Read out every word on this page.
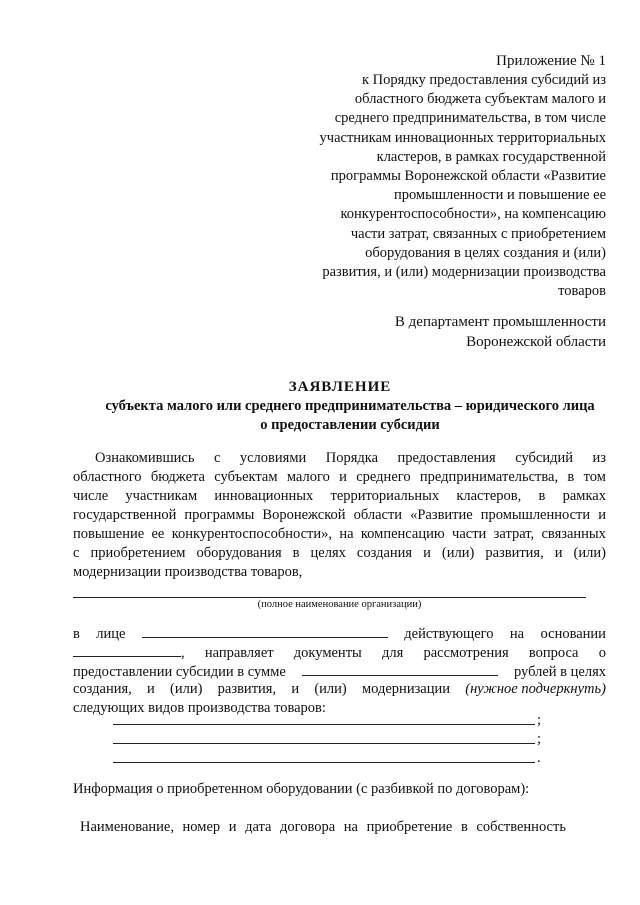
Приложение № 1
к Порядку предоставления субсидий из
областного бюджета субъектам малого и
среднего предпринимательства, в том числе
участникам инновационных территориальных
кластеров, в рамках государственной
программы Воронежской области «Развитие
промышленности и повышение ее
конкурентоспособности», на компенсацию
части затрат, связанных с приобретением
оборудования в целях создания и (или)
развития, и (или) модернизации производства
товаров
В департамент промышленности
Воронежской области
ЗАЯВЛЕНИЕ
субъекта малого или среднего предпринимательства – юридического лица
о предоставлении субсидии
Ознакомившись с условиями Порядка предоставления субсидий из
областного бюджета субъектам малого и среднего предпринимательства, в том
числе участникам инновационных территориальных кластеров, в рамках
государственной программы Воронежской области «Развитие промышленности и
повышение ее конкурентоспособности», на компенсацию части затрат, связанных
с приобретением оборудования в целях создания и (или) развития, и (или)
модернизации производства товаров,
(полное наименование организации)
в лице	действующего на основании
, направляет документы для рассмотрения вопроса о
предоставлении субсидии в сумме	рублей в целях
создания, и (или) развития, и (или) модернизации (нужное подчеркнуть)
следующих видов производства товаров:
;
;
.
Информация о приобретенном оборудовании (с разбивкой по договорам):
Наименование, номер и дата договора на приобретение в собственность
